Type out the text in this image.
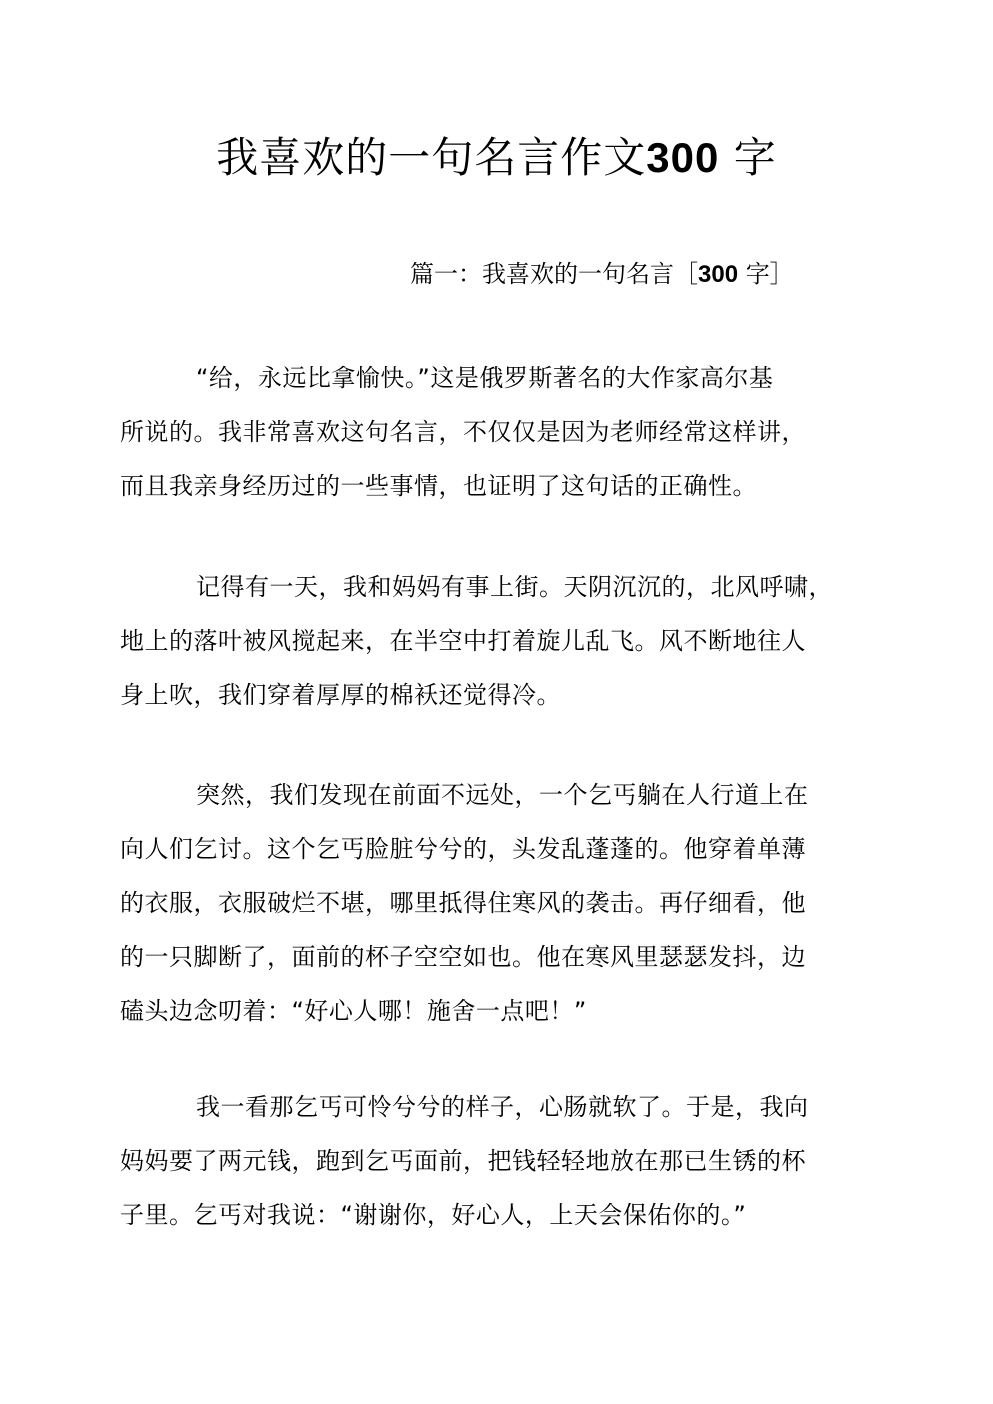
我喜欢的一句名言作文300 字
篇一：我喜欢的一句名言［300 字］
“给，永远比拿愉快。”这是俄罗斯著名的大作家高尔基
所说的。我非常喜欢这句名言，不仅仅是因为老师经常这样讲，
而且我亲身经历过的一些事情，也证明了这句话的正确性。
记得有一天，我和妈妈有事上街。天阴沉沉的，北风呼啸，
地上的落叶被风搅起来，在半空中打着旋儿乱飞。风不断地往人
身上吹，我们穿着厚厚的棉袄还觉得冷。
突然，我们发现在前面不远处，一个乞丐躺在人行道上在
向人们乞讨。这个乞丐脸脏兮兮的，头发乱蓬蓬的。他穿着单薄
的衣服，衣服破烂不堪，哪里抵得住寒风的袭击。再仔细看，他
的一只脚断了，面前的杯子空空如也。他在寒风里瑟瑟发抖，边
磕头边念叨着：“好心人哪！施舍一点吧！”
我一看那乞丐可怜兮兮的样子，心肠就软了。于是，我向
妈妈要了两元钱，跑到乞丐面前，把钱轻轻地放在那已生锈的杯
子里。乞丐对我说：“谢谢你，好心人，上天会保佑你的。”
